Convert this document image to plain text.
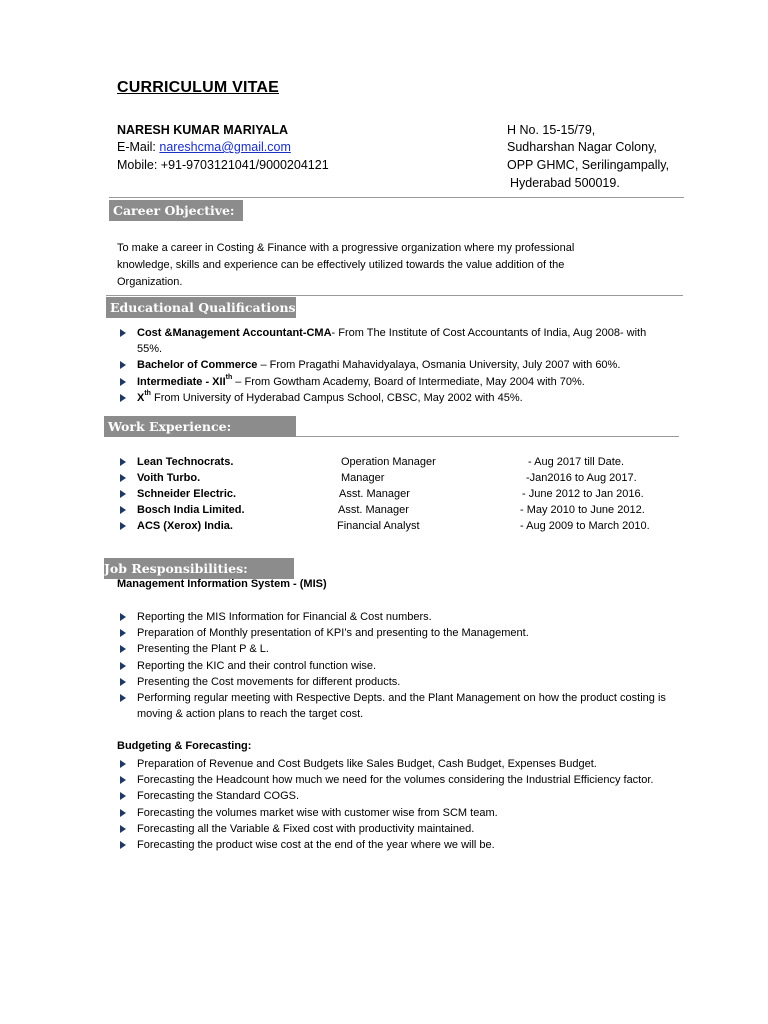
CURRICULUM VITAE
NARESH KUMAR MARIYALA
E-Mail: nareshcma@gmail.com
Mobile: +91-9703121041/9000204121
H No. 15-15/79,
Sudharshan Nagar Colony,
OPP GHMC, Serilingampally,
Hyderabad 500019.
Career Objective:
To make a career in Costing & Finance with a progressive organization where my professional knowledge, skills and experience can be effectively utilized towards the value addition of the Organization.
Educational Qualifications:
Cost &Management Accountant-CMA- From The Institute of Cost Accountants of India, Aug 2008- with 55%.
Bachelor of Commerce – From Pragathi Mahavidyalaya, Osmania University, July 2007 with 60%.
Intermediate - XIIth – From Gowtham Academy, Board of Intermediate, May 2004 with 70%.
Xth From University of Hyderabad Campus School, CBSC, May 2002 with 45%.
Work Experience:
Lean Technocrats.	Operation Manager	- Aug 2017 till Date.
Voith Turbo.	Manager	-Jan2016 to Aug 2017.
Schneider Electric.	Asst. Manager	- June 2012 to Jan 2016.
Bosch India Limited.	Asst. Manager	- May 2010 to June 2012.
ACS (Xerox) India.	Financial Analyst	- Aug 2009 to March 2010.
Job Responsibilities:
Management Information System - (MIS)
Reporting the MIS Information for Financial & Cost numbers.
Preparation of Monthly presentation of KPI’s and presenting to the Management.
Presenting the Plant P & L.
Reporting the KIC and their control function wise.
Presenting the Cost movements for different products.
Performing regular meeting with Respective Depts. and the Plant Management on how the product costing is moving & action plans to reach the target cost.
Budgeting & Forecasting:
Preparation of Revenue and Cost Budgets like Sales Budget, Cash Budget, Expenses Budget.
Forecasting the Headcount how much we need for the volumes considering the Industrial Efficiency factor.
Forecasting the Standard COGS.
Forecasting the volumes market wise with customer wise from SCM team.
Forecasting all the Variable & Fixed cost with productivity maintained.
Forecasting the product wise cost at the end of the year where we will be.
